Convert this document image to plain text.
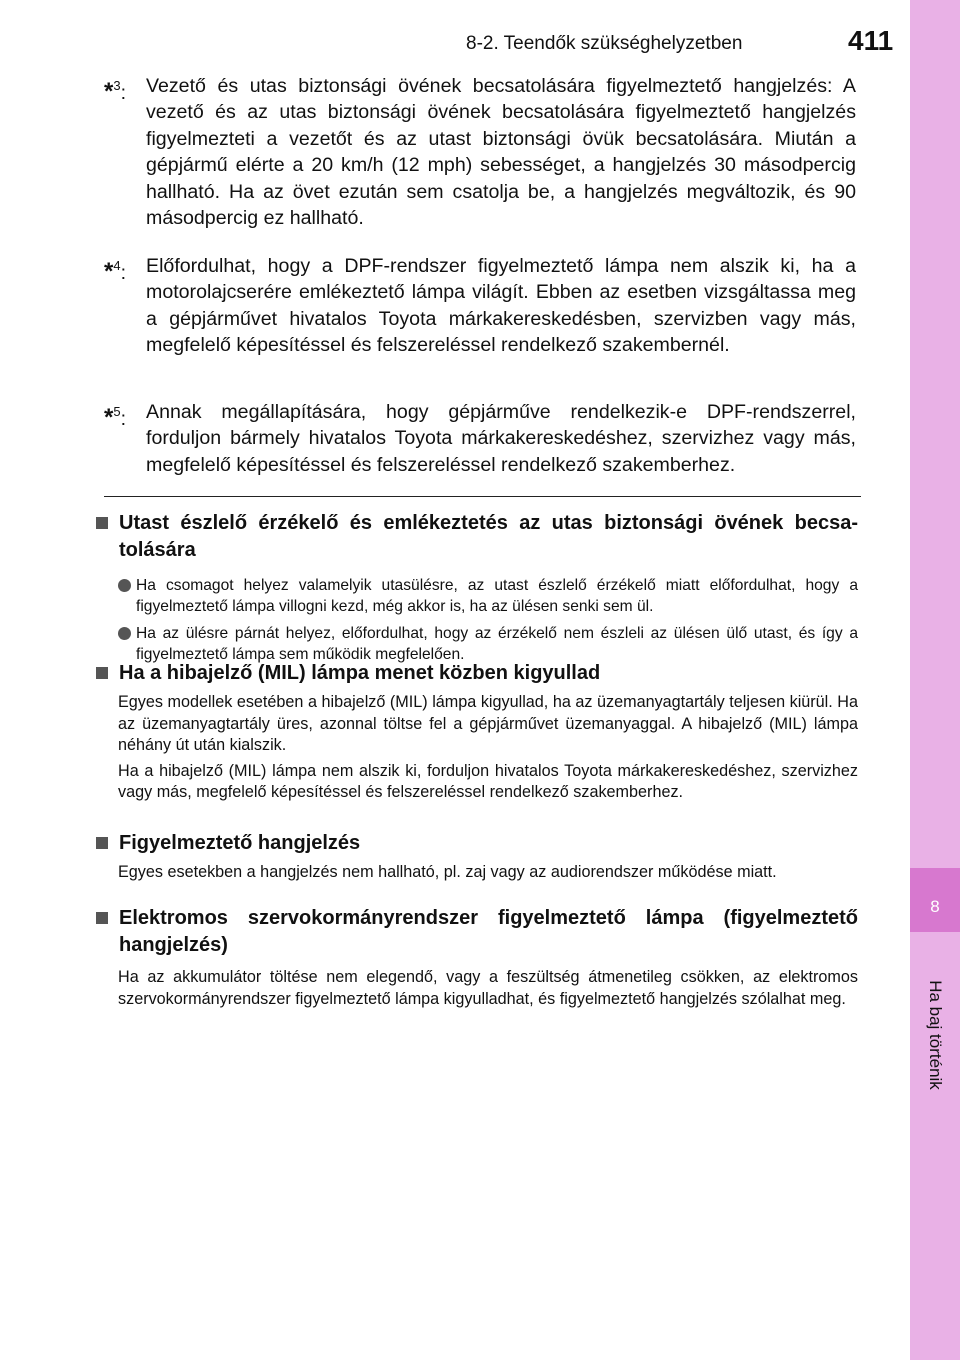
8-2. Teendők szükséghelyzetben	411
8
Ha baj történik
*$^3$: Vezető és utas biztonsági övének becsatolására figyelmeztető hangjelzés: A vezető és az utas biztonsági övének becsatolására figyelmeztető hangjelzés figyelmezteti a vezetőt és az utast biztonsági övük becsatolására. Miután a gépjármű elérte a 20 km/h (12 mph) sebességet, a hangjelzés 30 másodpercig hallható. Ha az övet ezután sem csatolja be, a hangjelzés megváltozik, és 90 másodpercig ez hallható.
*$^4$: Előfordulhat, hogy a DPF-rendszer figyelmeztető lámpa nem alszik ki, ha a motorolajcserére emlékeztető lámpa világít. Ebben az esetben vizsgáltassa meg a gépjárművet hivatalos Toyota márkakereskedésben, szervizben vagy más, megfelelő képesítéssel és felszereléssel rendelkező szakembernél.
*$^5$: Annak megállapítására, hogy gépjárműve rendelkezik-e DPF-rendszerrel, forduljon bármely hivatalos Toyota márkakereskedéshez, szervizhez vagy más, megfelelő képesítéssel és felszereléssel rendelkező szakemberhez.
Utast észlelő érzékelő és emlékeztetés az utas biztonsági övének becsatolására
Ha csomagot helyez valamelyik utasülésre, az utast észlelő érzékelő miatt előfordulhat, hogy a figyelmeztető lámpa villogni kezd, még akkor is, ha az ülésen senki sem ül.
Ha az ülésre párnát helyez, előfordulhat, hogy az érzékelő nem észleli az ülésen ülő utast, és így a figyelmeztető lámpa sem működik megfelelően.
Ha a hibajelző (MIL) lámpa menet közben kigyullad
Egyes modellek esetében a hibajelző (MIL) lámpa kigyullad, ha az üzemanyagtartály teljesen kiürül. Ha az üzemanyagtartály üres, azonnal töltse fel a gépjárművet üzemanyaggal. A hibajelző (MIL) lámpa néhány út után kialszik.
Ha a hibajelző (MIL) lámpa nem alszik ki, forduljon hivatalos Toyota márkakereskedéshez, szervizhez vagy más, megfelelő képesítéssel és felszereléssel rendelkező szakemberhez.
Figyelmeztető hangjelzés
Egyes esetekben a hangjelzés nem hallható, pl. zaj vagy az audiorendszer működése miatt.
Elektromos szervokormányrendszer figyelmeztető lámpa (figyelmeztető hangjelzés)
Ha az akkumulátor töltése nem elegendő, vagy a feszültség átmenetileg csökken, az elektromos szervokormányrendszer figyelmeztető lámpa kigyulladhat, és figyelmeztető hangjelzés szólalhat meg.
